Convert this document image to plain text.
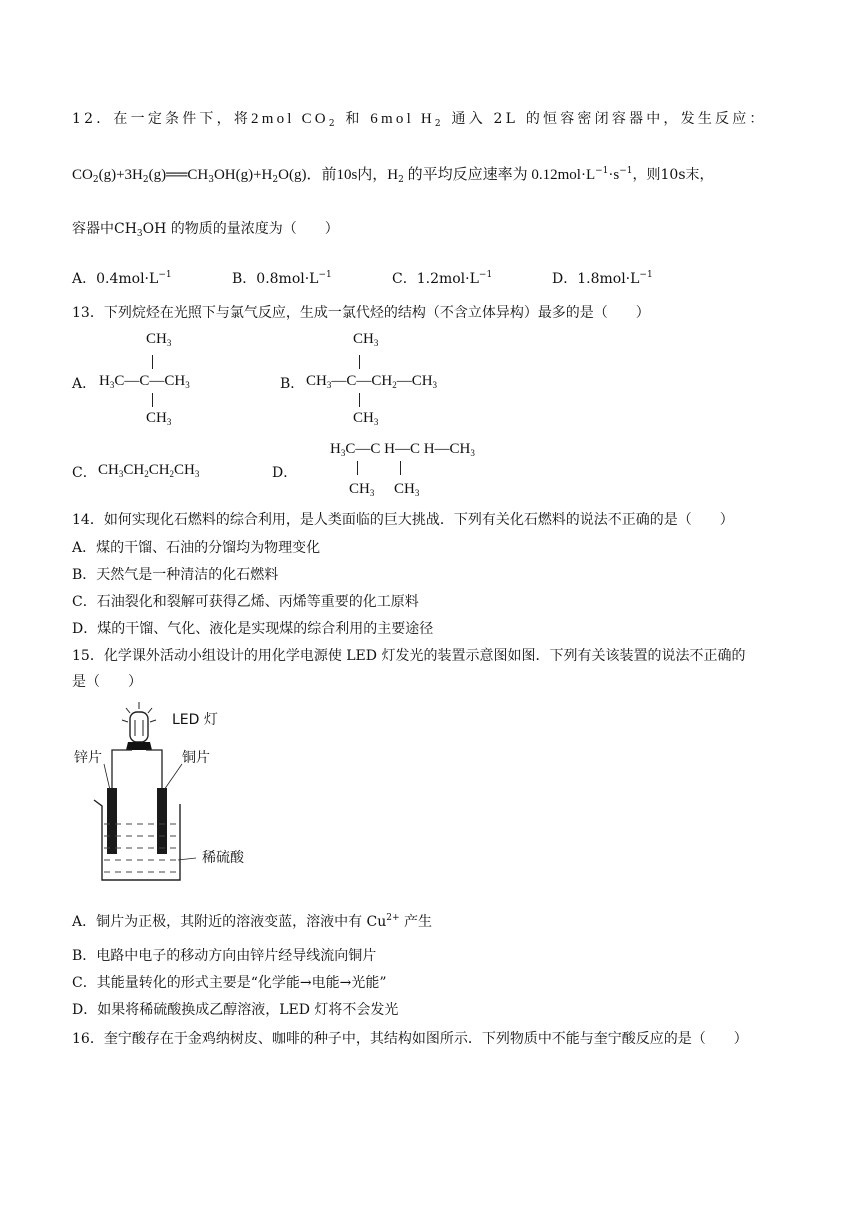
12．在一定条件下，将2mol $CO_2$ 和 6mol $H_2$ 通入 2L 的恒容密闭容器中，发生反应：
$CO_2(g)+3H_2(g)══CH_3OH(g)+H_2O(g)$．前10s内，$H_2$ 的平均反应速率为 $0.12mol\cdot L^{-1}\cdot s^{-1}$，则10s末，
容器中$CH_3OH$ 的物质的量浓度为（　　）
A．$0.4mol\cdot L^{-1}$	B．$0.8mol\cdot L^{-1}$	C．$1.2mol\cdot L^{-1}$	D．$1.8mol\cdot L^{-1}$
13．下列烷烃在光照下与氯气反应，生成一氯代烃的结构（不含立体异构）最多的是（　　）
A．
$CH_3$
$H_3C—C—CH_3$
$CH_3$
B．
$CH_3$
$CH_3—C—CH_2—CH_3$
$CH_3$
C． $CH_3CH_2CH_2CH_3$	D．
$H_3C—C$ H—C $H—CH_3$
$CH_3$ $CH_3$
14．如何实现化石燃料的综合利用，是人类面临的巨大挑战．下列有关化石燃料的说法不正确的是（　　）
A．煤的干馏、石油的分馏均为物理变化
B．天然气是一种清洁的化石燃料
C．石油裂化和裂解可获得乙烯、丙烯等重要的化工原料
D．煤的干馏、气化、液化是实现煤的综合利用的主要途径
15．化学课外活动小组设计的用化学电源使 LED 灯发光的装置示意图如图．下列有关该装置的说法不正确的
是（　　）
LED 灯
锌片	铜片
稀硫酸
A．铜片为正极，其附近的溶液变蓝，溶液中有 $Cu^{2+}$ 产生
B．电路中电子的移动方向由锌片经导线流向铜片
C．其能量转化的形式主要是“化学能→电能→光能”
D．如果将稀硫酸换成乙醇溶液，LED 灯将不会发光
16．奎宁酸存在于金鸡纳树皮、咖啡的种子中，其结构如图所示．下列物质中不能与奎宁酸反应的是（　　）
